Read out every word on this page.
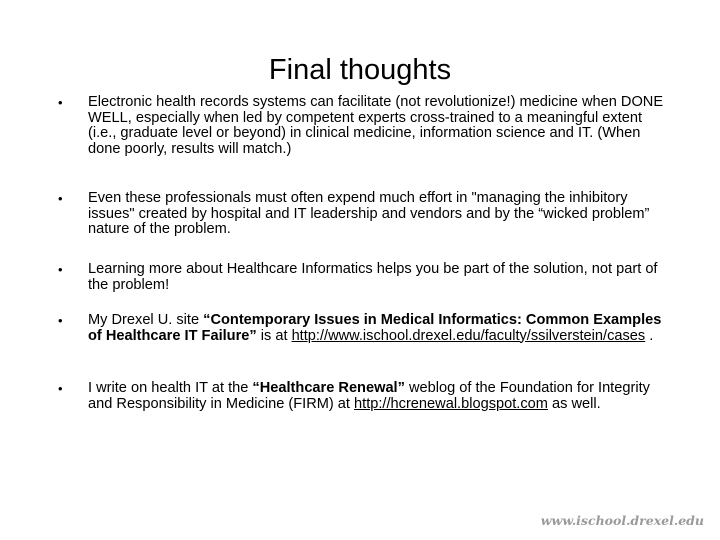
Final thoughts
• Electronic health records systems can facilitate (not revolutionize!) medicine when DONE WELL, especially when led by competent experts cross-trained to a meaningful extent (i.e., graduate level or beyond) in clinical medicine, information science and IT. (When done poorly, results will match.)
• Even these professionals must often expend much effort in "managing the inhibitory issues" created by hospital and IT leadership and vendors and by the “wicked problem” nature of the problem.
• Learning more about Healthcare Informatics helps you be part of the solution, not part of the problem!
• My Drexel U. site “Contemporary Issues in Medical Informatics: Common Examples of Healthcare IT Failure” is at http://www.ischool.drexel.edu/faculty/ssilverstein/cases .
• I write on health IT at the “Healthcare Renewal” weblog of the Foundation for Integrity and Responsibility in Medicine (FIRM) at http://hcrenewal.blogspot.com as well.
www.ischool.drexel.edu
